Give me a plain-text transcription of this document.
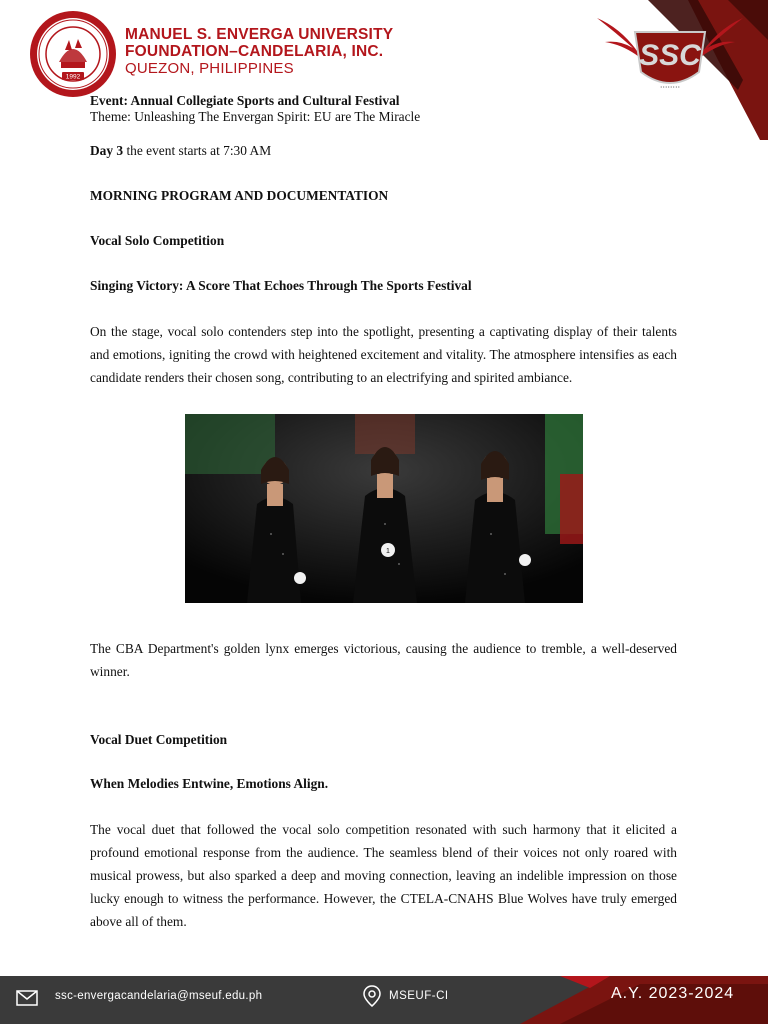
1992
MANUEL S. ENVERGA UNIVERSITY
FOUNDATION–CANDELARIA, INC.
QUEZON, PHILIPPINES	SSC
• • • • • • • •
Event: Annual Collegiate Sports and Cultural Festival
Theme: Unleashing The Envergan Spirit: EU are The Miracle
Day 3 the event starts at 7:30 AM
MORNING PROGRAM AND DOCUMENTATION
Vocal Solo Competition
Singing Victory: A Score That Echoes Through The Sports Festival
On the stage, vocal solo contenders step into the spotlight, presenting a captivating display of their talents and emotions, igniting the crowd with heightened excitement and vitality. The atmosphere intensifies as each candidate renders their chosen song, contributing to an electrifying and spirited ambiance.
1
The CBA Department's golden lynx emerges victorious, causing the audience to tremble, a well-deserved winner.
Vocal Duet Competition
When Melodies Entwine, Emotions Align.
The vocal duet that followed the vocal solo competition resonated with such harmony that it elicited a profound emotional response from the audience. The seamless blend of their voices not only roared with musical prowess, but also sparked a deep and moving connection, leaving an indelible impression on those lucky enough to witness the performance. However, the CTELA-CNAHS Blue Wolves have truly emerged above all of them.
ssc-envergacandelaria@mseuf.edu.ph	MSEUF-CI	A.Y. 2023-2024
